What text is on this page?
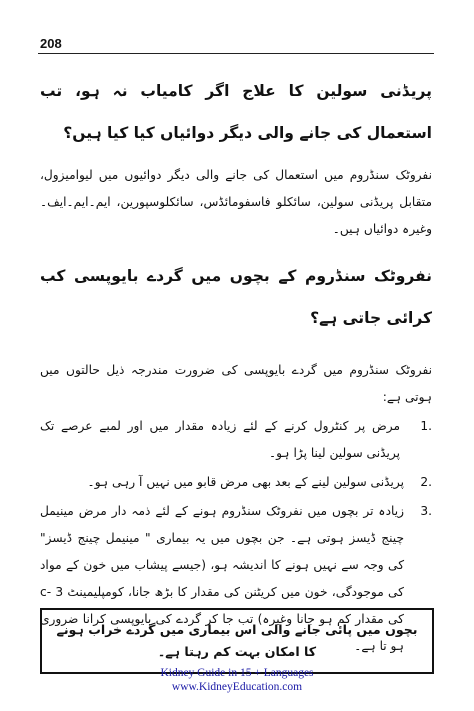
208
پریڈنی سولین کا علاج اگر کامیاب نہ ہو، تب استعمال کی جانے والی دیگر دوائیاں کیا کیا ہیں؟

نفروٹک سنڈروم میں استعمال کی جانے والی دیگر دوائیوں میں لیوامیزول، متقابل پریڈنی سولین، سائکلو فاسفومائڈس، سائکلوسپورین، ایم۔ایم۔ایف۔ وغیرہ دوائیاں ہیں۔

نفروٹک سنڈروم کے بچوں میں گردے بایوپسی کب کرائی جاتی ہے؟

نفروٹک سنڈروم میں گردے بایوپسی کی ضرورت مندرجہ ذیل حالتوں میں ہوتی ہے:

1.
مرض پر کنٹرول کرنے کے لئے زیادہ مقدار میں اور لمبے عرصے تک پریڈنی سولین لینا پڑا ہو۔
2.
پریڈنی سولین لینے کے بعد بھی مرض قابو میں نہیں آ رہی ہو۔
3.
زیادہ تر بچوں میں نفروٹک سنڈروم ہونے کے لئے ذمہ دار مرض مینیمل چینج ڈیسز ہوتی ہے۔ جن بچوں میں یہ بیماری " مینیمل چینج ڈیسز" کی وجہ سے نہیں ہونے کا اندیشہ ہو، (جیسے پیشاب میں خون کے مواد کی موجودگی، خون میں کریٹنن کی مقدار کا بڑھ جانا، کومپلیمینٹ c- 3 کی مقدار کم ہو جانا وغیرہ) تب جا کر گردے کی بایوپسی کرانا ضروری ہو تا ہے۔
بچوں میں پائی جانے والی اس بیماری میں گردے خراب ہونے کا امکان بہت کم رہتا ہے۔
Kidney Guide in 15 + Languages
www.KidneyEducation.com
